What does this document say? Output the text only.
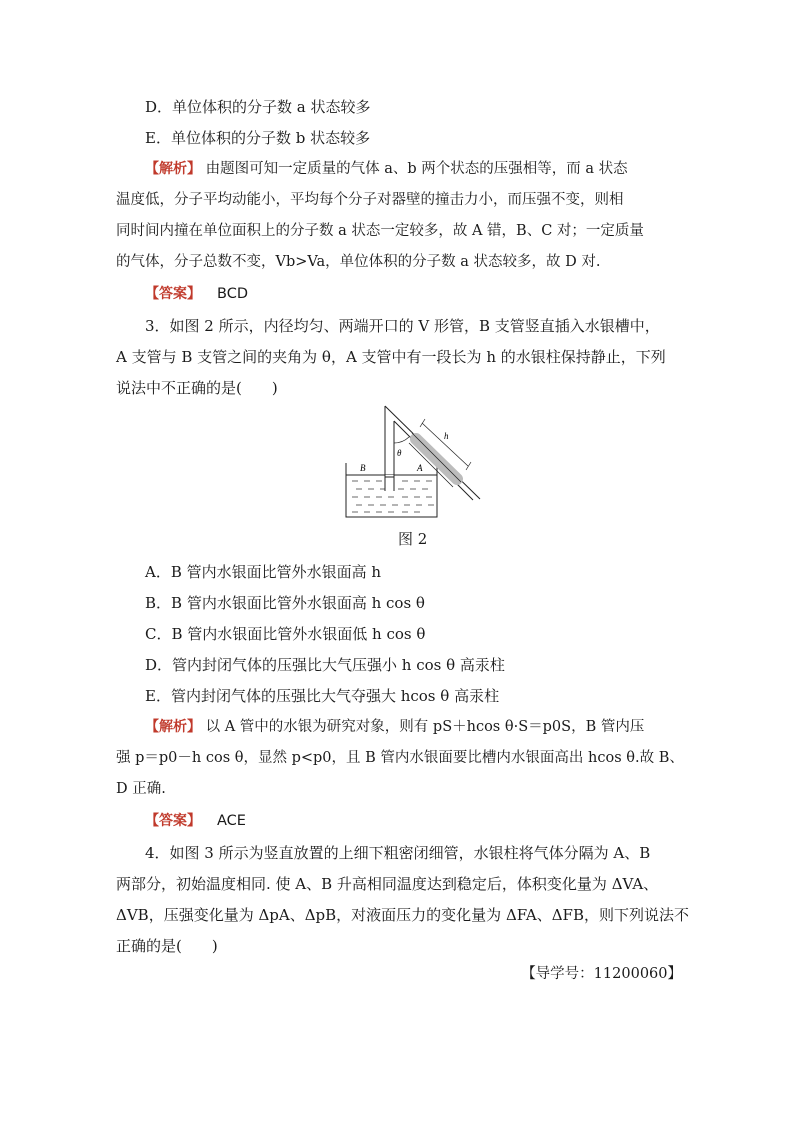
D．单位体积的分子数 a 状态较多
E．单位体积的分子数 b 状态较多
【解析】 由题图可知一定质量的气体 a、b 两个状态的压强相等，而 a 状态
温度低，分子平均动能小，平均每个分子对器壁的撞击力小，而压强不变，则相
同时间内撞在单位面积上的分子数 a 状态一定较多，故 A 错，B、C 对；一定质量
的气体，分子总数不变，Vb>Va，单位体积的分子数 a 状态较多，故 D 对.
【答案】 BCD
3．如图 2 所示，内径均匀、两端开口的 V 形管，B 支管竖直插入水银槽中，
A 支管与 B 支管之间的夹角为 θ，A 支管中有一段长为 h 的水银柱保持静止，下列
说法中不正确的是(　　)
A．B 管内水银面比管外水银面高 h
B．B 管内水银面比管外水银面高 h cos θ
C．B 管内水银面比管外水银面低 h cos θ
D．管内封闭气体的压强比大气压强小 h cos θ 高汞柱
E．管内封闭气体的压强比大气夺强大 hcos θ 高汞柱
【解析】 以 A 管中的水银为研究对象，则有 pS＋hcos θ·S＝p0S，B 管内压
强 p＝p0－h cos θ，显然 p<p0，且 B 管内水银面要比槽内水银面高出 hcos θ.故 B、
D 正确.
【答案】 ACE
4．如图 3 所示为竖直放置的上细下粗密闭细管，水银柱将气体分隔为 A、B
两部分，初始温度相同. 使 A、B 升高相同温度达到稳定后，体积变化量为 ΔVA、
ΔVB，压强变化量为 ΔpA、ΔpB，对液面压力的变化量为 ΔFA、ΔFB，则下列说法不
正确的是(　　)
h
θ
B	A
图 2
【导学号：11200060】
